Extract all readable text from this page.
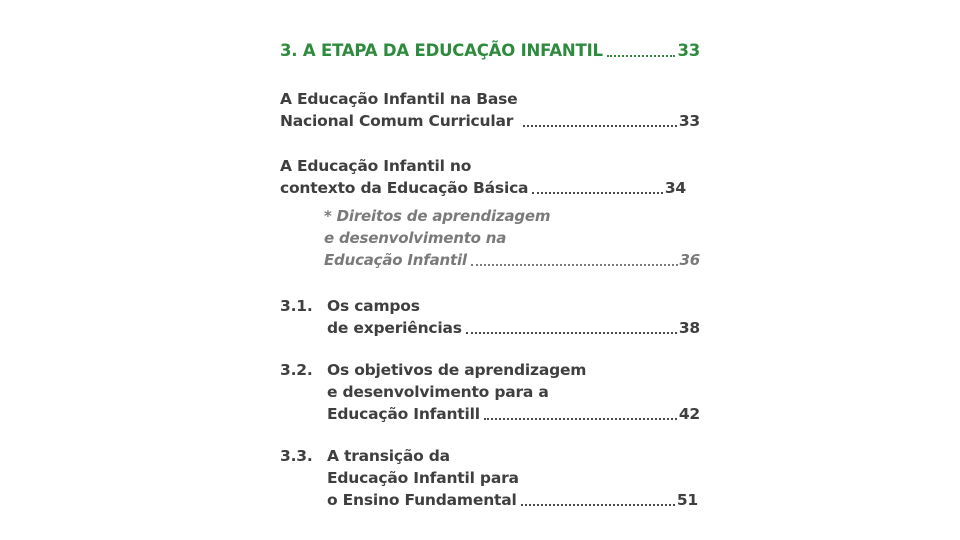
3. A ETAPA DA EDUCAÇÃO INFANTIL	33
A Educação Infantil na Base
Nacional Comum Curricular	33
A Educação Infantil no
contexto da Educação Básica	34
* Direitos de aprendizagem
e desenvolvimento na
Educação Infantil	36
3.1. Os campos
de experiências	38
3.2. Os objetivos de aprendizagem
e desenvolvimento para a
Educação Infantill	42
3.3. A transição da
Educação Infantil para
o Ensino Fundamental	51
